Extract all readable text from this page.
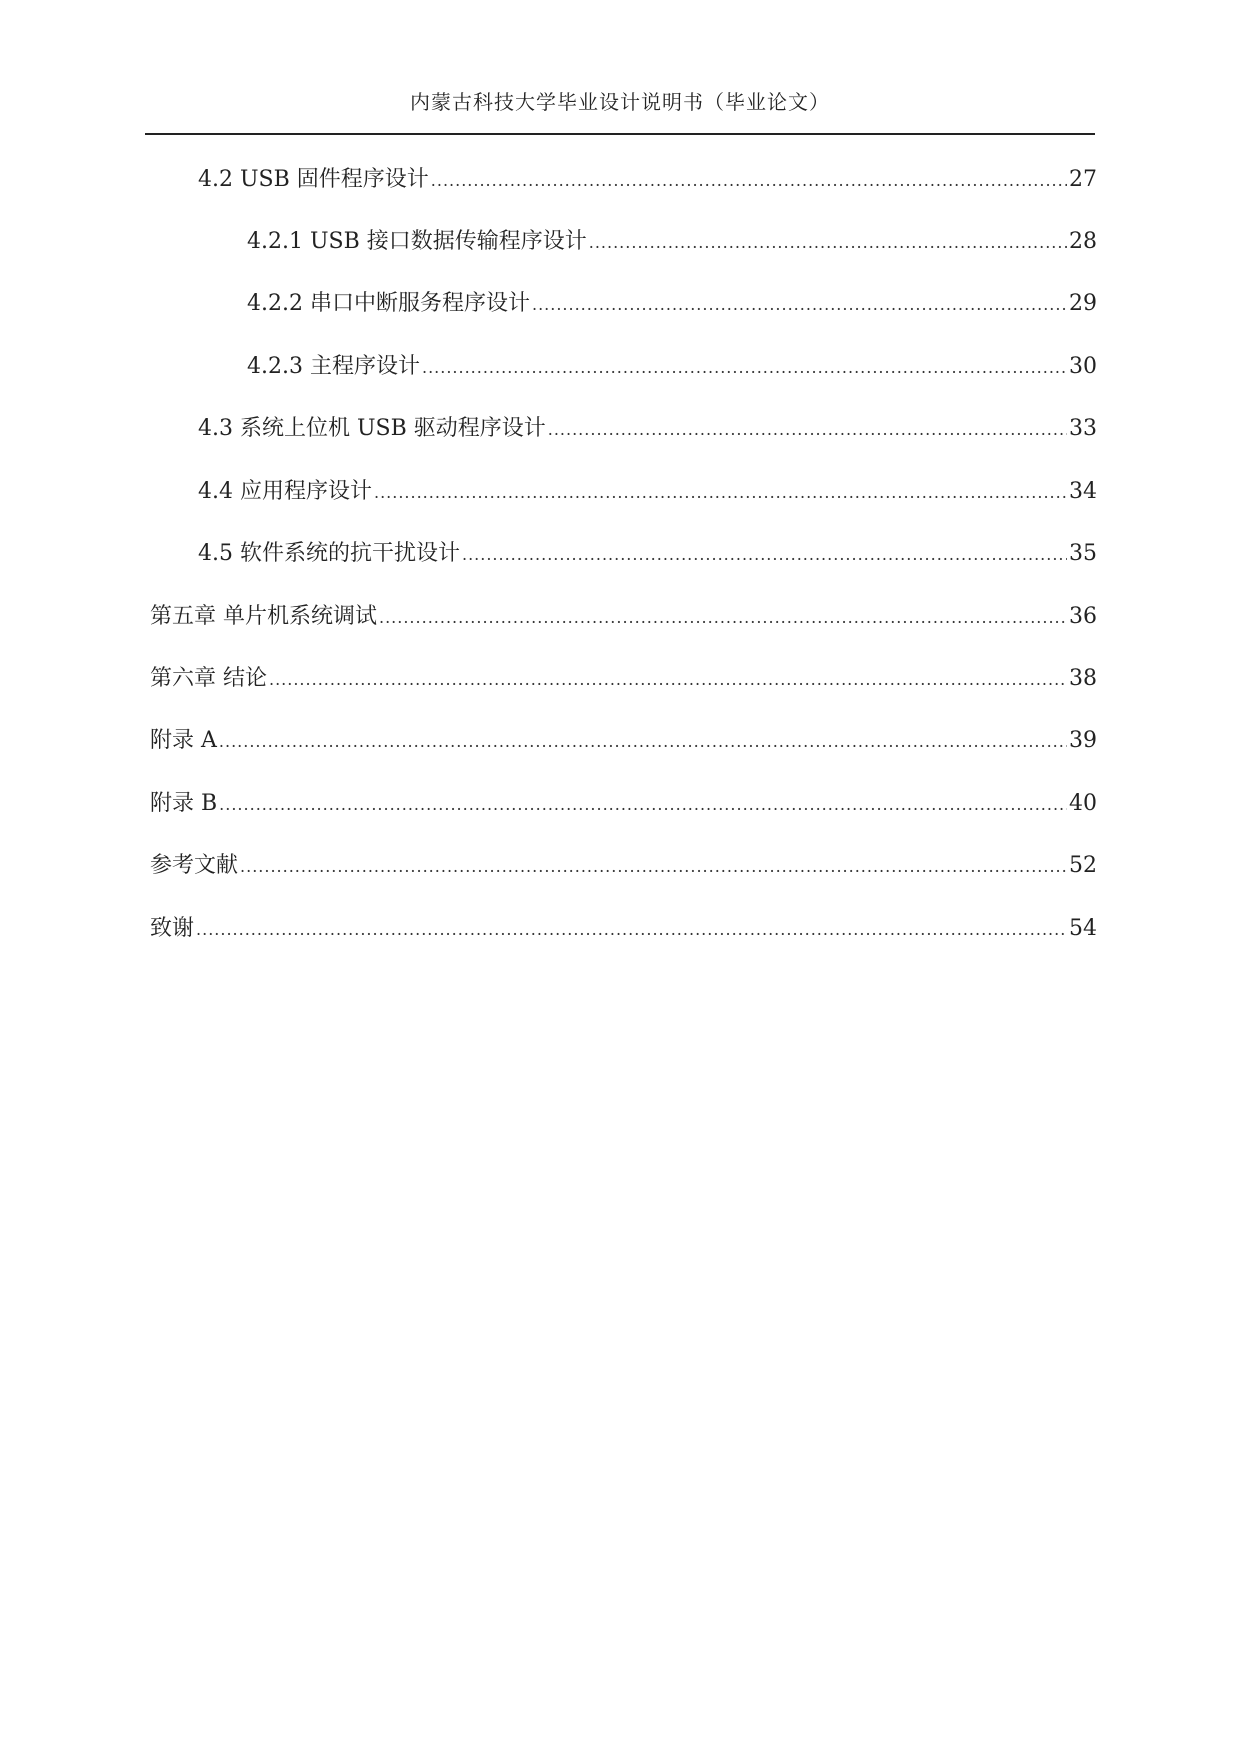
内蒙古科技大学毕业设计说明书（毕业论文）
4.2 USB 固件程序设计 .....	27
4.2.1 USB 接口数据传输程序设计 .....	28
4.2.2 串口中断服务程序设计 .....	29
4.2.3 主程序设计 .....	30
4.3 系统上位机 USB 驱动程序设计 .....	33
4.4 应用程序设计 .....	34
4.5 软件系统的抗干扰设计 .....	35
第五章 单片机系统调试 .....	36
第六章 结论 .....	38
附录 A .....	39
附录 B .....	40
参考文献 .....	52
致谢 .....	54
